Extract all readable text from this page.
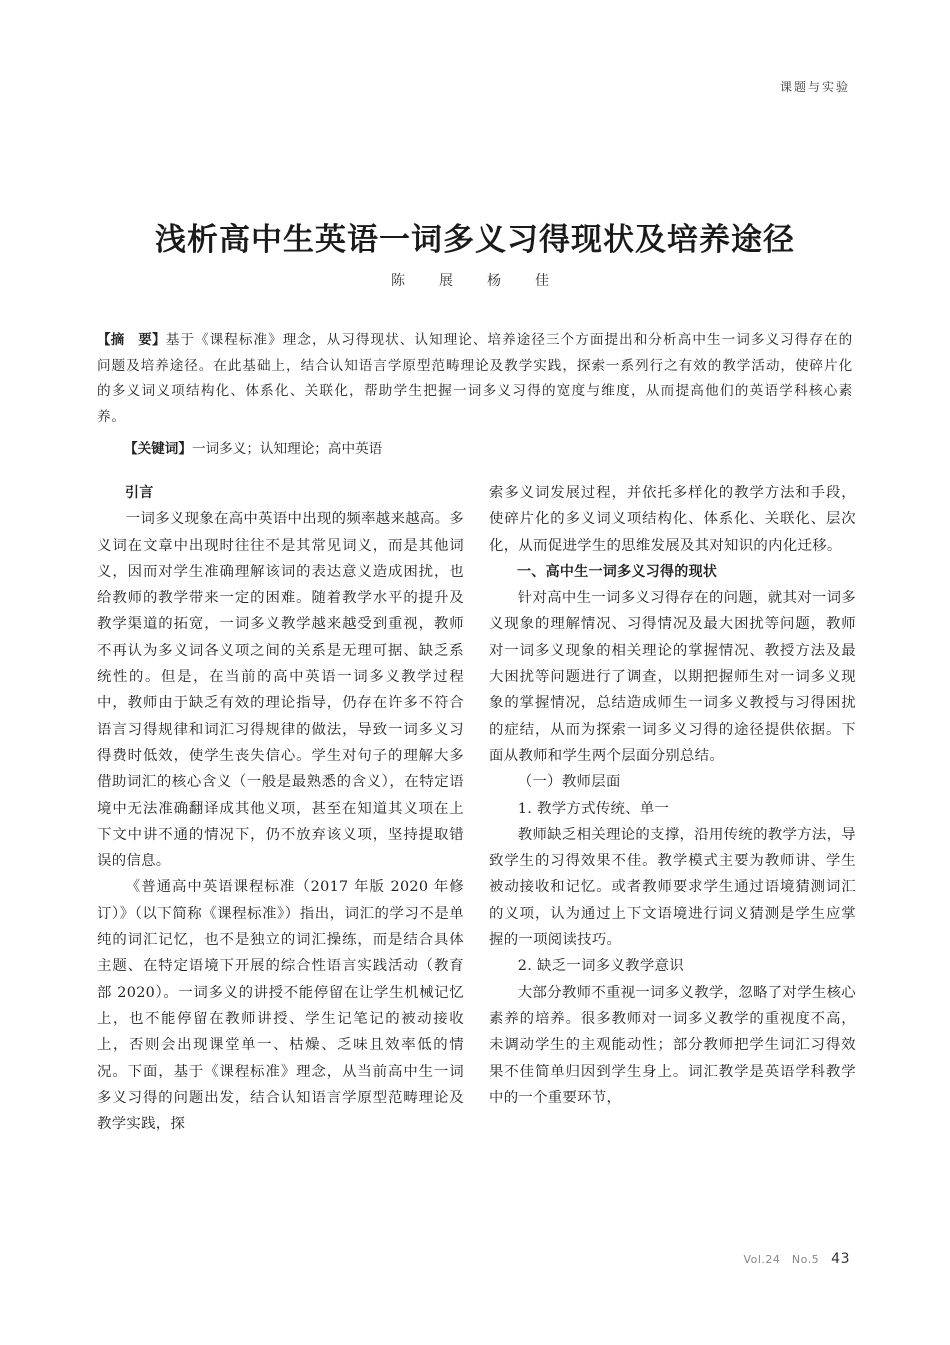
课题与实验
浅析高中生英语一词多义习得现状及培养途径
陈　展　杨　佳
【摘　要】基于《课程标准》理念，从习得现状、认知理论、培养途径三个方面提出和分析高中生一词多义习得存在的问题及培养途径。在此基础上，结合认知语言学原型范畴理论及教学实践，探索一系列行之有效的教学活动，使碎片化的多义词义项结构化、体系化、关联化，帮助学生把握一词多义习得的宽度与维度，从而提高他们的英语学科核心素养。
【关键词】一词多义；认知理论；高中英语

引言

一词多义现象在高中英语中出现的频率越来越高。多义词在文章中出现时往往不是其常见词义，而是其他词义，因而对学生准确理解该词的表达意义造成困扰，也给教师的教学带来一定的困难。随着教学水平的提升及教学渠道的拓宽，一词多义教学越来越受到重视，教师不再认为多义词各义项之间的关系是无理可据、缺乏系统性的。但是，在当前的高中英语一词多义教学过程中，教师由于缺乏有效的理论指导，仍存在许多不符合语言习得规律和词汇习得规律的做法，导致一词多义习得费时低效，使学生丧失信心。学生对句子的理解大多借助词汇的核心含义（一般是最熟悉的含义），在特定语境中无法准确翻译成其他义项，甚至在知道其义项在上下文中讲不通的情况下，仍不放弃该义项，坚持提取错误的信息。

《普通高中英语课程标准（2017 年版 2020 年修订）》（以下简称《课程标准》）指出，词汇的学习不是单纯的词汇记忆，也不是独立的词汇操练，而是结合具体主题、在特定语境下开展的综合性语言实践活动（教育部 2020）。一词多义的讲授不能停留在让学生机械记忆上，也不能停留在教师讲授、学生记笔记的被动接收上，否则会出现课堂单一、枯燥、乏味且效率低的情况。下面，基于《课程标准》理念，从当前高中生一词多义习得的问题出发，结合认知语言学原型范畴理论及教学实践，探

索多义词发展过程，并依托多样化的教学方法和手段，使碎片化的多义词义项结构化、体系化、关联化、层次化，从而促进学生的思维发展及其对知识的内化迁移。

一、高中生一词多义习得的现状

针对高中生一词多义习得存在的问题，就其对一词多义现象的理解情况、习得情况及最大困扰等问题，教师对一词多义现象的相关理论的掌握情况、教授方法及最大困扰等问题进行了调查，以期把握师生对一词多义现象的掌握情况，总结造成师生一词多义教授与习得困扰的症结，从而为探索一词多义习得的途径提供依据。下面从教师和学生两个层面分别总结。

（一）教师层面

1. 教学方式传统、单一

教师缺乏相关理论的支撑，沿用传统的教学方法，导致学生的习得效果不佳。教学模式主要为教师讲、学生被动接收和记忆。或者教师要求学生通过语境猜测词汇的义项，认为通过上下文语境进行词义猜测是学生应掌握的一项阅读技巧。

2. 缺乏一词多义教学意识

大部分教师不重视一词多义教学，忽略了对学生核心素养的培养。很多教师对一词多义教学的重视度不高，未调动学生的主观能动性；部分教师把学生词汇习得效果不佳简单归因到学生身上。词汇教学是英语学科教学中的一个重要环节，

Vol.24　No.5 43
